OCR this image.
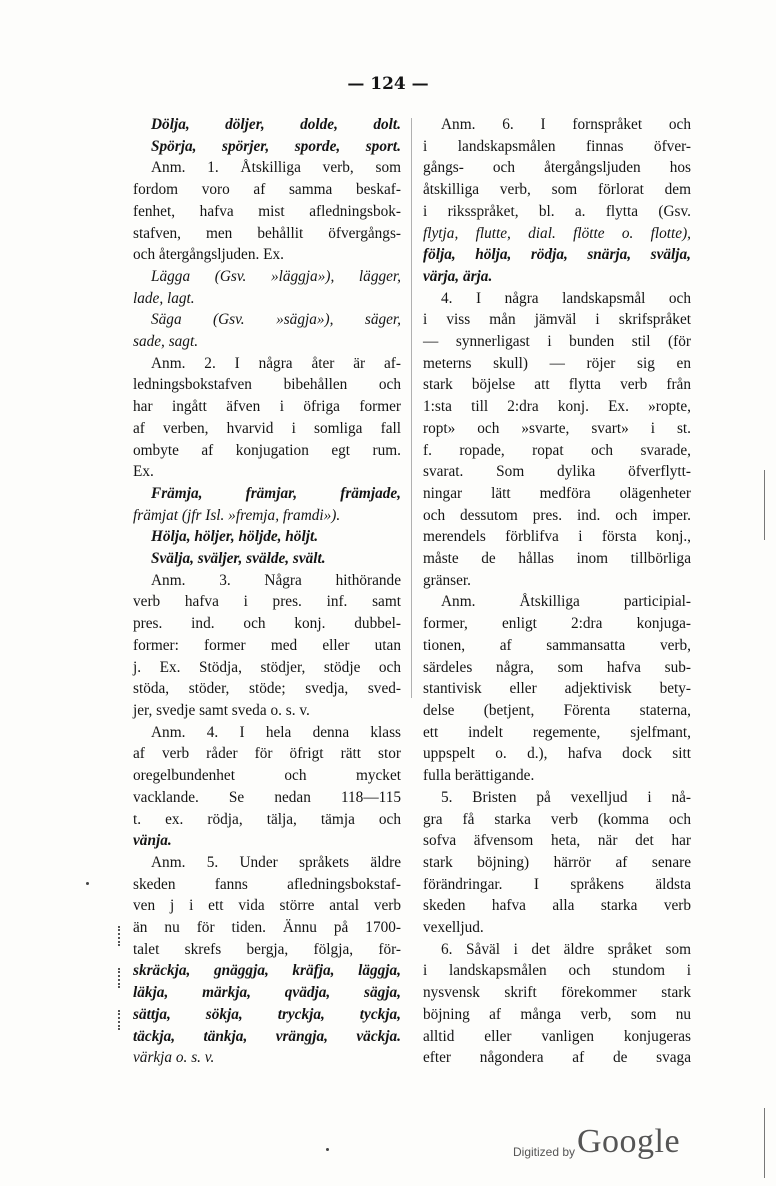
— 124 —

Dölja, döljer, dolde, dolt.

Spörja, spörjer, sporde, sport.

Anm. 1. Åtskilliga verb, som

fordom voro af samma beskaf-

fenhet, hafva mist afledningsbok-

stafven, men behållit öfvergångs-

och återgångsljuden. Ex.

Lägga (Gsv. »läggja»), lägger,

lade, lagt.

Säga (Gsv. »sägja»), säger,

sade, sagt.

Anm. 2. I några åter är af-

ledningsbokstafven bibehållen och

har ingått äfven i öfriga former

af verben, hvarvid i somliga fall

ombyte af konjugation egt rum.

Ex.

Främja, främjar, främjade,

främjat (jfr Isl. »fremja, framdi»).

Hölja, höljer, höljde, höljt.

Svälja, sväljer, svälde, svält.

Anm. 3. Några hithörande

verb hafva i pres. inf. samt

pres. ind. och konj. dubbel-

former: former med eller utan

j. Ex. Stödja, stödjer, stödje och

stöda, stöder, stöde; svedja, sved-

jer, svedje samt sveda o. s. v.

Anm. 4. I hela denna klass

af verb råder för öfrigt rätt stor

oregelbundenhet och mycket

vacklande. Se nedan 118—115

t. ex. rödja, tälja, tämja och

vänja.

Anm. 5. Under språkets äldre

skeden fanns afledningsbokstaf-

ven j i ett vida större antal verb

än nu för tiden. Ännu på 1700-

talet skrefs bergja, fölgja, för-

skräckja, gnäggja, kräfja, läggja,

läkja, märkja, qvädja, sägja,

sättja, sökja, tryckja, tyckja,

täckja, tänkja, vrängja, väckja.

värkja o. s. v.

Anm. 6. I fornspråket och

i landskapsmålen finnas öfver-

gångs- och återgångsljuden hos

åtskilliga verb, som förlorat dem

i riksspråket, bl. a. flytta (Gsv.

flytja, flutte, dial. flötte o. flotte),

följa, hölja, rödja, snärja, svälja,

värja, ärja.

4. I några landskapsmål och

i viss mån jämväl i skrifspråket

— synnerligast i bunden stil (för

meterns skull) — röjer sig en

stark böjelse att flytta verb från

1:sta till 2:dra konj. Ex. »ropte,

ropt» och »svarte, svart» i st.

f. ropade, ropat och svarade,

svarat. Som dylika öfverflytt-

ningar lätt medföra olägenheter

och dessutom pres. ind. och imper.

merendels förblifva i första konj.,

måste de hållas inom tillbörliga

gränser.

Anm. Åtskilliga participial-

former, enligt 2:dra konjuga-

tionen, af sammansatta verb,

särdeles några, som hafva sub-

stantivisk eller adjektivisk bety-

delse (betjent, Förenta staterna,

ett indelt regemente, sjelfmant,

uppspelt o. d.), hafva dock sitt

fulla berättigande.

5. Bristen på vexelljud i nå-

gra få starka verb (komma och

sofva äfvensom heta, när det har

stark böjning) härrör af senare

förändringar. I språkens äldsta

skeden hafva alla starka verb

vexelljud.

6. Såväl i det äldre språket som

i landskapsmålen och stundom i

nysvensk skrift förekommer stark

böjning af många verb, som nu

alltid eller vanligen konjugeras

efter någondera af de svaga

Digitized by Google
